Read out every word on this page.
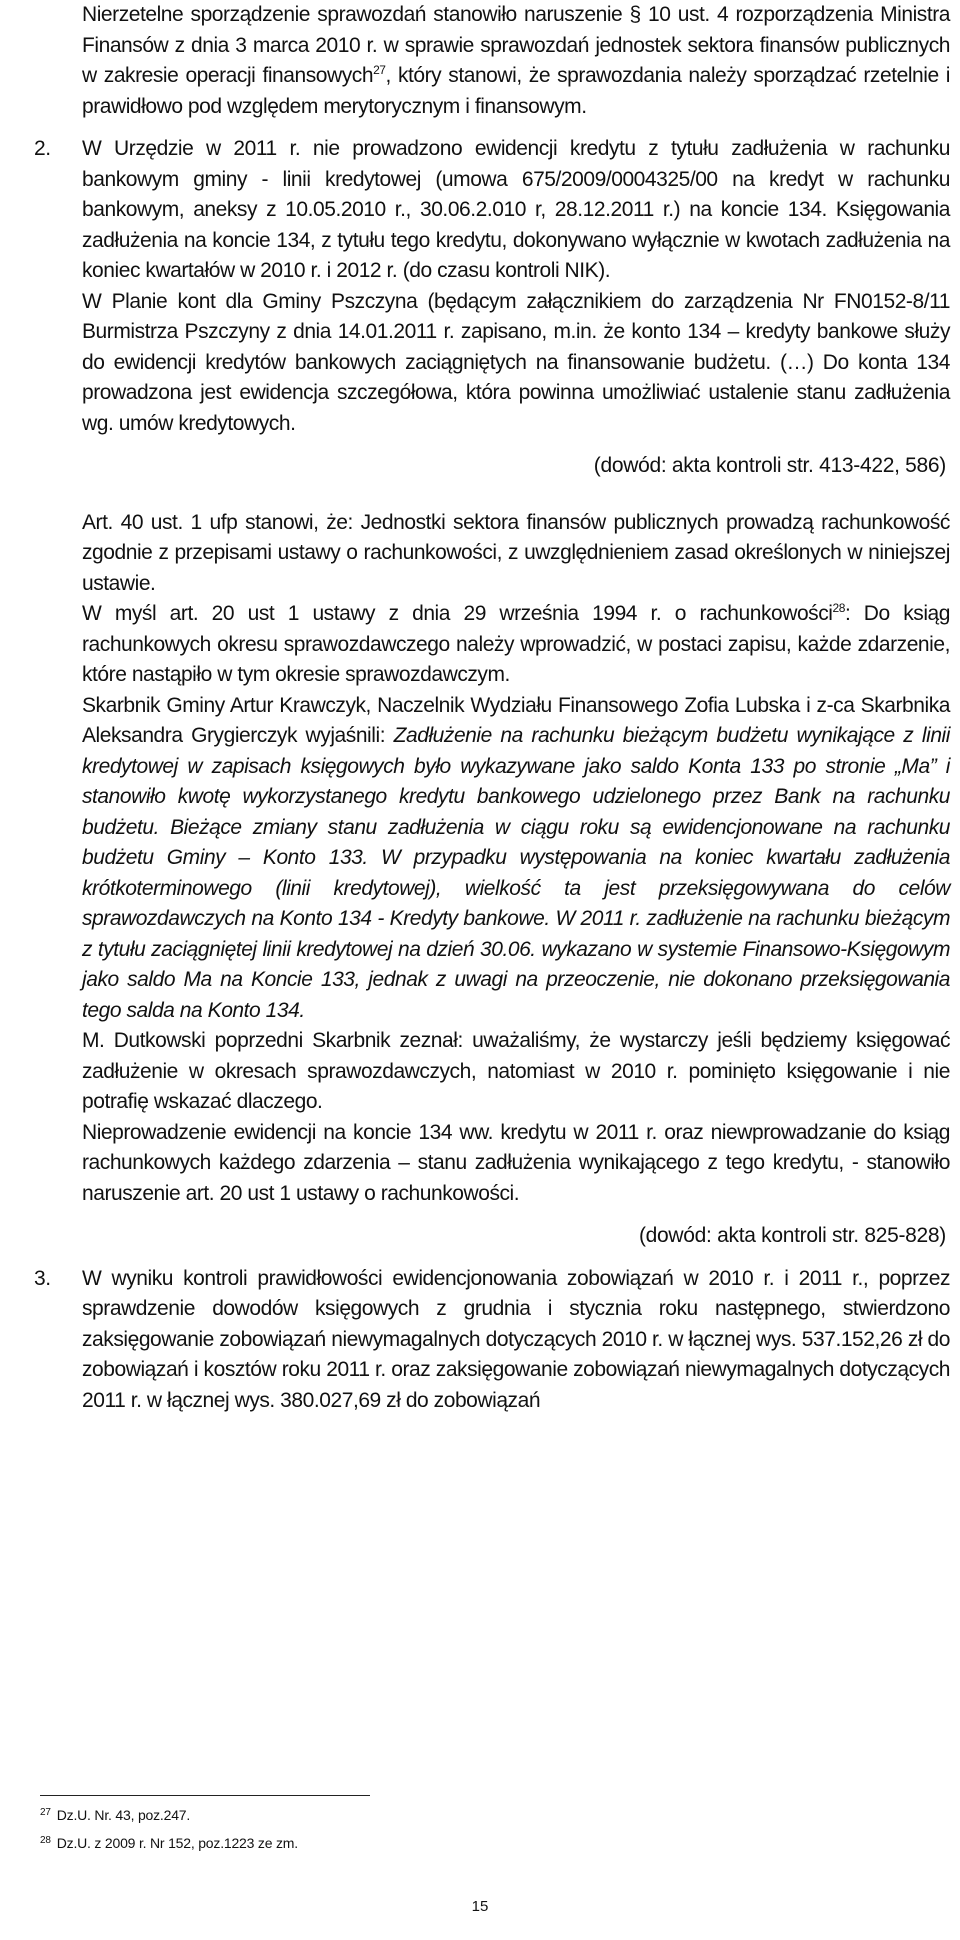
Nierzetelne sporządzenie sprawozdań stanowiło naruszenie § 10 ust. 4 rozporządzenia Ministra Finansów z dnia 3 marca 2010 r. w sprawie sprawozdań jednostek sektora finansów publicznych w zakresie operacji finansowych$^{27}$, który stanowi, że sprawozdania należy sporządzać rzetelnie i prawidłowo pod względem merytorycznym i finansowym.

2.	W Urzędzie w 2011 r. nie prowadzono ewidencji kredytu z tytułu zadłużenia w rachunku bankowym gminy - linii kredytowej (umowa 675/2009/0004325/00 na kredyt w rachunku bankowym, aneksy z 10.05.2010 r., 30.06.2.010 r, 28.12.2011 r.) na koncie 134. Księgowania zadłużenia na koncie 134, z tytułu tego kredytu, dokonywano wyłącznie w kwotach zadłużenia na koniec kwartałów w 2010 r. i 2012 r. (do czasu kontroli NIK).

W Planie kont dla Gminy Pszczyna (będącym załącznikiem do zarządzenia Nr FN0152-8/11 Burmistrza Pszczyny z dnia 14.01.2011 r. zapisano, m.in. że konto 134 – kredyty bankowe służy do ewidencji kredytów bankowych zaciągniętych na finansowanie budżetu. (…) Do konta 134 prowadzona jest ewidencja szczegółowa, która powinna umożliwiać ustalenie stanu zadłużenia wg. umów kredytowych.

(dowód: akta kontroli str. 413-422, 586)

Art. 40 ust. 1 ufp stanowi, że: Jednostki sektora finansów publicznych prowadzą rachunkowość zgodnie z przepisami ustawy o rachunkowości, z uwzględnieniem zasad określonych w niniejszej ustawie.

W myśl art. 20 ust 1 ustawy z dnia 29 września 1994 r. o rachunkowości$^{28}$: Do ksiąg rachunkowych okresu sprawozdawczego należy wprowadzić, w postaci zapisu, każde zdarzenie, które nastąpiło w tym okresie sprawozdawczym.

Skarbnik Gminy Artur Krawczyk, Naczelnik Wydziału Finansowego Zofia Lubska i z-ca Skarbnika Aleksandra Grygierczyk wyjaśnili: Zadłużenie na rachunku bieżącym budżetu wynikające z linii kredytowej w zapisach księgowych było wykazywane jako saldo Konta 133 po stronie „Ma” i stanowiło kwotę wykorzystanego kredytu bankowego udzielonego przez Bank na rachunku budżetu. Bieżące zmiany stanu zadłużenia w ciągu roku są ewidencjonowane na rachunku budżetu Gminy – Konto 133. W przypadku występowania na koniec kwartału zadłużenia krótkoterminowego (linii kredytowej), wielkość ta jest przeksięgowywana do celów sprawozdawczych na Konto 134 - Kredyty bankowe. W 2011 r. zadłużenie na rachunku bieżącym z tytułu zaciągniętej linii kredytowej na dzień 30.06. wykazano w systemie Finansowo-Księgowym jako saldo Ma na Koncie 133, jednak z uwagi na przeoczenie, nie dokonano przeksięgowania tego salda na Konto 134.

M. Dutkowski poprzedni Skarbnik zeznał: uważaliśmy, że wystarczy jeśli będziemy księgować zadłużenie w okresach sprawozdawczych, natomiast w 2010 r. pominięto księgowanie i nie potrafię wskazać dlaczego.

Nieprowadzenie ewidencji na koncie 134 ww. kredytu w 2011 r. oraz niewprowadzanie do ksiąg rachunkowych każdego zdarzenia – stanu zadłużenia wynikającego z tego kredytu, - stanowiło naruszenie art. 20 ust 1 ustawy o rachunkowości.

(dowód: akta kontroli str. 825-828)

3.	W wyniku kontroli prawidłowości ewidencjonowania zobowiązań w 2010 r. i 2011 r., poprzez sprawdzenie dowodów księgowych z grudnia i stycznia roku następnego, stwierdzono zaksięgowanie zobowiązań niewymagalnych dotyczących 2010 r. w łącznej wys. 537.152,26 zł do zobowiązań i kosztów roku 2011 r. oraz zaksięgowanie zobowiązań niewymagalnych dotyczących 2011 r. w łącznej wys. 380.027,69 zł do zobowiązań

$^{27}$ Dz.U. Nr. 43, poz.247.
$^{28}$ Dz.U. z 2009 r. Nr 152, poz.1223 ze zm.
15
